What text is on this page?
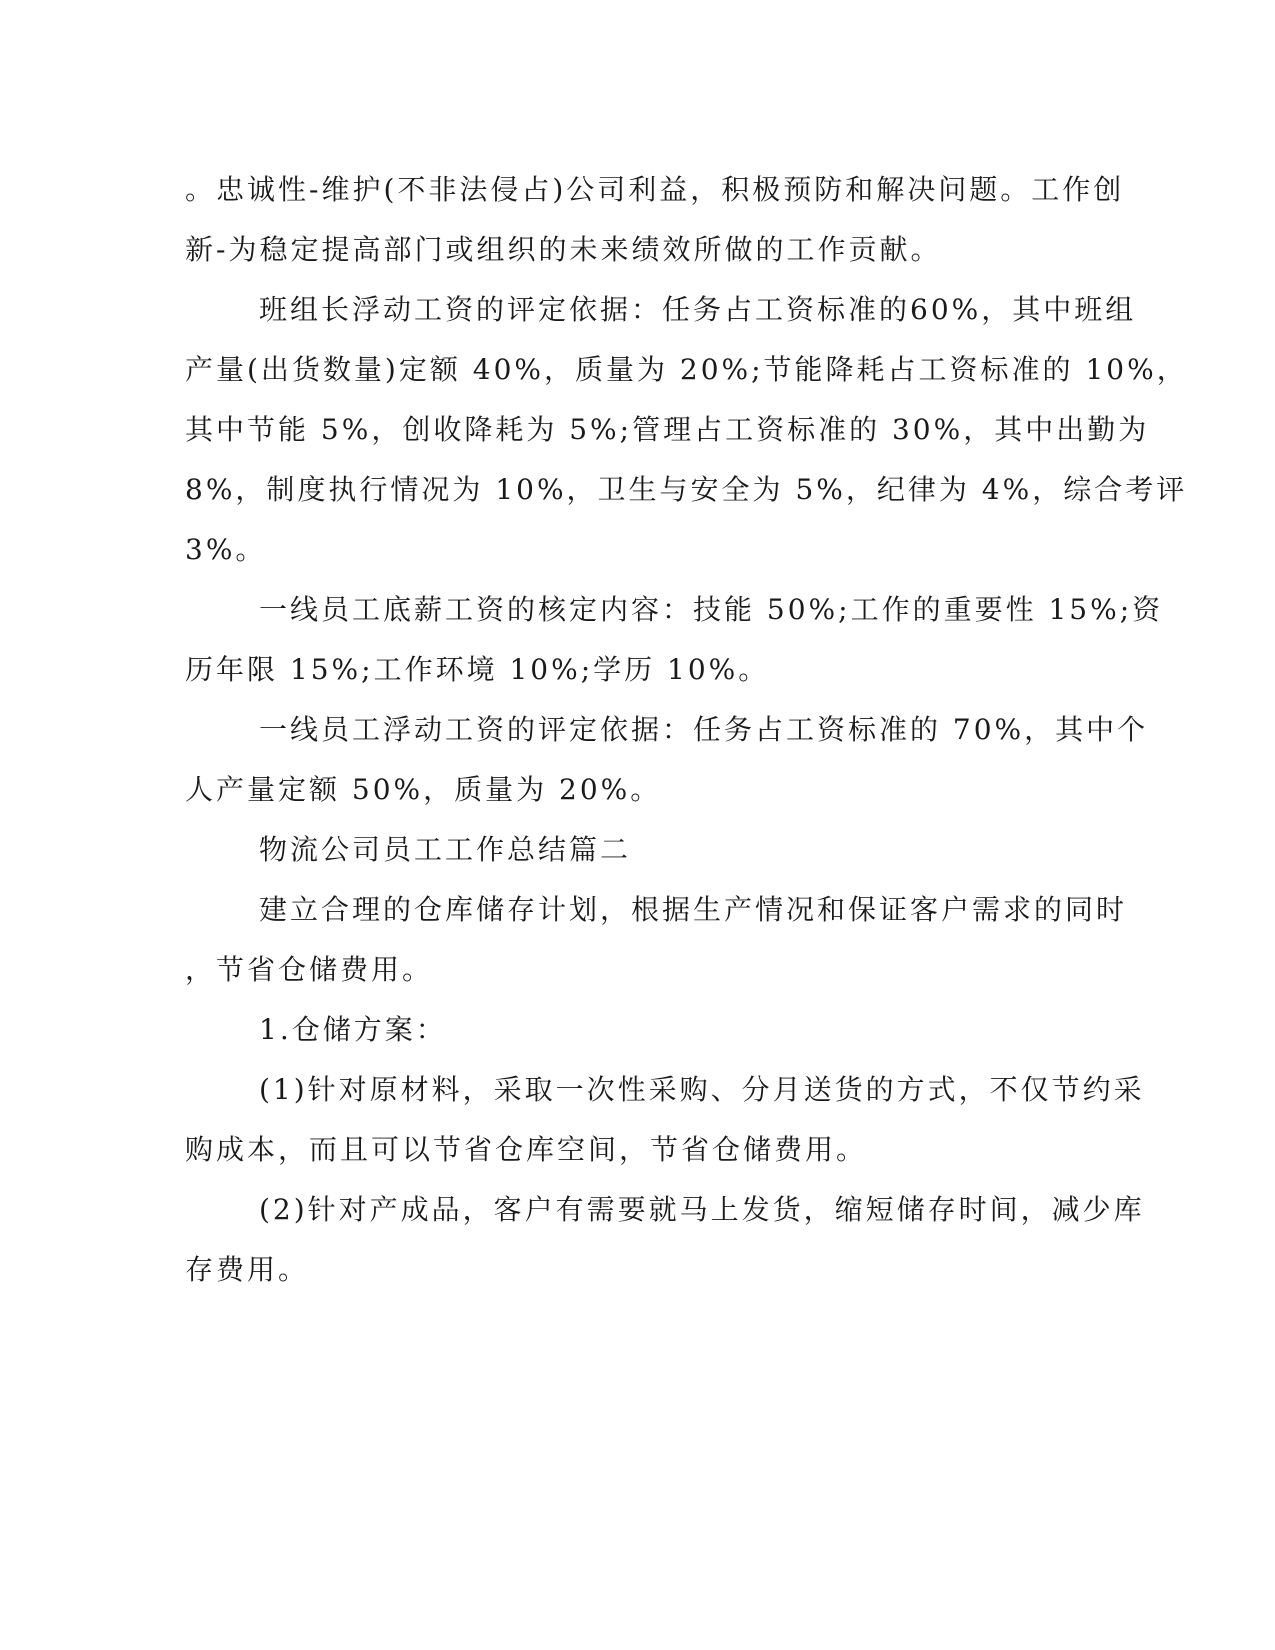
。忠诚性-维护(不非法侵占)公司利益，积极预防和解决问题。工作创
新-为稳定提高部门或组织的未来绩效所做的工作贡献。
班组长浮动工资的评定依据：任务占工资标准的60%，其中班组
产量(出货数量)定额 40%，质量为 20%;节能降耗占工资标准的 10%，
其中节能 5%，创收降耗为 5%;管理占工资标准的 30%，其中出勤为
8%，制度执行情况为 10%，卫生与安全为 5%，纪律为 4%，综合考评
3%。
一线员工底薪工资的核定内容：技能 50%;工作的重要性 15%;资
历年限 15%;工作环境 10%;学历 10%。
一线员工浮动工资的评定依据：任务占工资标准的 70%，其中个
人产量定额 50%，质量为 20%。
物流公司员工工作总结篇二
建立合理的仓库储存计划，根据生产情况和保证客户需求的同时
，节省仓储费用。
1.仓储方案：
(1)针对原材料，采取一次性采购、分月送货的方式，不仅节约采
购成本，而且可以节省仓库空间，节省仓储费用。
(2)针对产成品，客户有需要就马上发货，缩短储存时间，减少库
存费用。
